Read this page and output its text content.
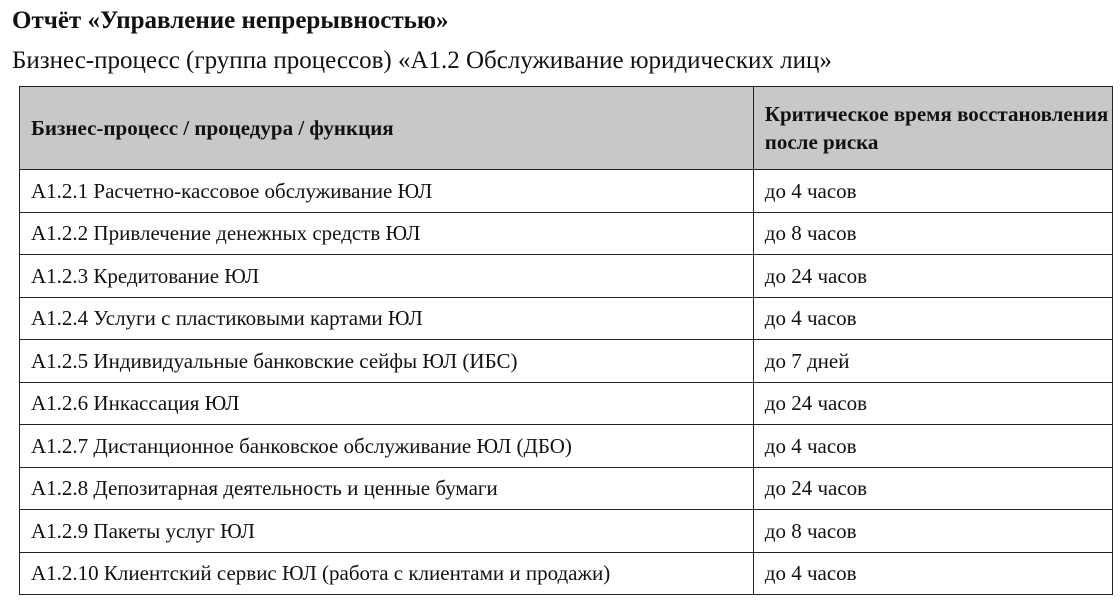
Отчёт «Управление непрерывностью»
Бизнес-процесс (группа процессов) «А1.2 Обслуживание юридических лиц»
Бизнес-процесс / процедура / функция	Критическое время восстановления после риска
А1.2.1 Расчетно-кассовое обслуживание ЮЛ	до 4 часов
А1.2.2 Привлечение денежных средств ЮЛ	до 8 часов
А1.2.3 Кредитование ЮЛ	до 24 часов
А1.2.4 Услуги с пластиковыми картами ЮЛ	до 4 часов
А1.2.5 Индивидуальные банковские сейфы ЮЛ (ИБС)	до 7 дней
А1.2.6 Инкассация ЮЛ	до 24 часов
А1.2.7 Дистанционное банковское обслуживание ЮЛ (ДБО)	до 4 часов
А1.2.8 Депозитарная деятельность и ценные бумаги	до 24 часов
А1.2.9 Пакеты услуг ЮЛ	до 8 часов
А1.2.10 Клиентский сервис ЮЛ (работа с клиентами и продажи)	до 4 часов
